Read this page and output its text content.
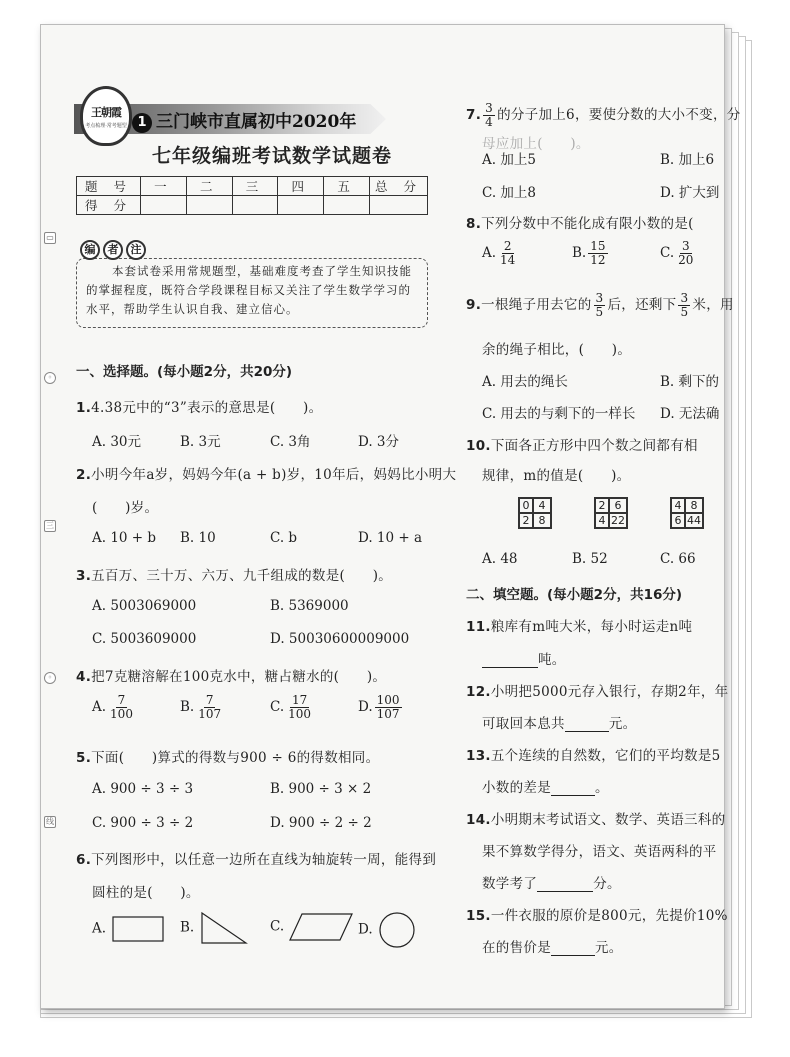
▭
◦
三
◦
线
王朝霞
考点梳理·常考题型 1 三门峡市直属初中2020年
七年级编班考试数学试题卷
题 号	一	二	三	四	五	总 分
得 分						
编	者	注
本套试卷采用常规题型，基础难度考查了学生知识技能的掌握程度，既符合学段课程目标又关注了学生数学学习的水平，帮助学生认识自我、建立信心。
一、选择题。(每小题2分，共20分)
1.4.38元中的“3”表示的意思是(　　)。
A. 30元	B. 3元	C. 3角	D. 3分
2.小明今年a岁，妈妈今年(a + b)岁，10年后，妈妈比小明大
(　　)岁。
A. 10 + b B. 10	C. b	D. 10 + a
3.五百万、三十万、六万、九千组成的数是(　　)。
A. 5003069000	B. 5369000
C. 5003609000	D. 50030600009000
4.把7克糖溶解在100克水中，糖占糖水的(　　)。
A. $\frac{7}{100}$	B. $\frac{7}{107}$	C. $\frac{17}{100}$	D. $\frac{100}{107}$
5.下面(　　)算式的得数与900 ÷ 6的得数相同。
A. 900 ÷ 3 ÷ 3	B. 900 ÷ 3 × 2
C. 900 ÷ 3 ÷ 2	D. 900 ÷ 2 ÷ 2
6.下列图形中，以任意一边所在直线为轴旋转一周，能得到
圆柱的是(　　)。
A.	B.	C.	D.
7. $\frac{3}{4}$ 的分子加上6，要使分数的大小不变，分
母应加上(　　)。
A. 加上5	B. 加上6
C. 加上8	D. 扩大到
8.下列分数中不能化成有限小数的是(
A. $\frac{2}{14}$	B. $\frac{15}{12}$	C. $\frac{3}{20}$
9.一根绳子用去它的 $\frac{3}{5}$ 后，还剩下 $\frac{3}{5}$ 米，用
余的绳子相比，(　　)。
A. 用去的绳长	B. 剩下的
C. 用去的与剩下的一样长 D. 无法确
10.下面各正方形中四个数之间都有相
规律，m的值是(　　)。
0 4
2 8
2 6
4 22
4 8
6 44
A. 48	B. 52	C. 66
二、填空题。(每小题2分，共16分)
11.粮库有m吨大米，每小时运走n吨
吨。
12.小明把5000元存入银行，存期2年，年
可取回本息共	元。
13.五个连续的自然数，它们的平均数是5
小数的差是	。
14.小明期末考试语文、数学、英语三科的
果不算数学得分，语文、英语两科的平
数学考了	分。
15.一件衣服的原价是800元，先提价10%
在的售价是	元。
